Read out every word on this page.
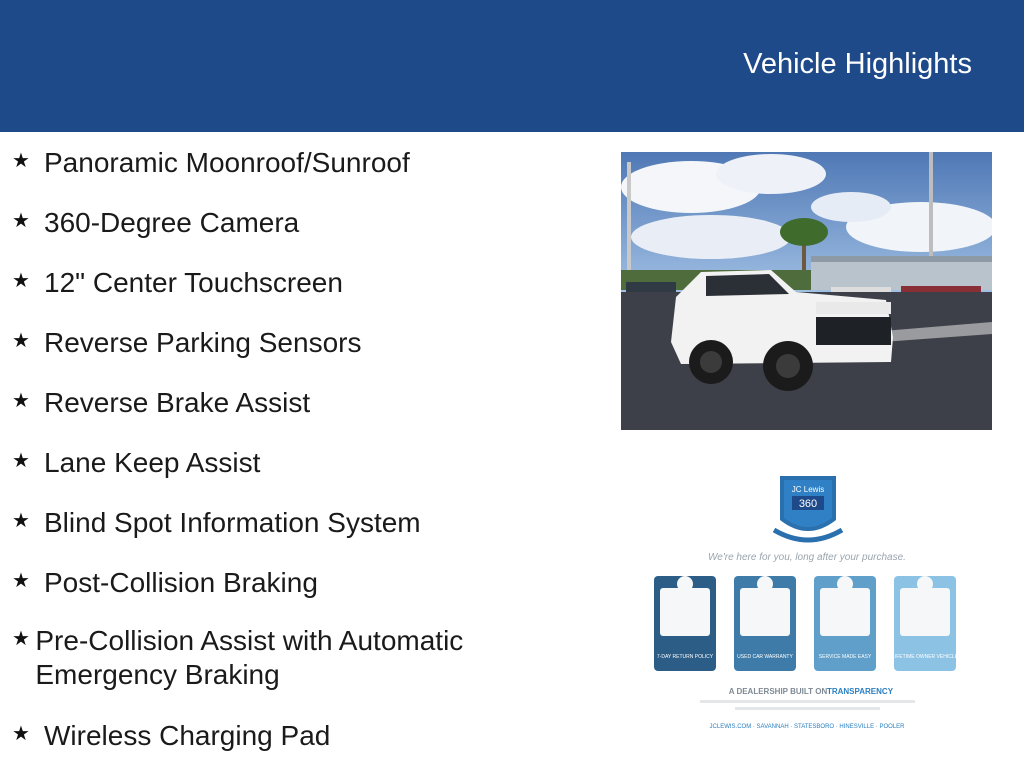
Vehicle Highlights
★ Panoramic Moonroof/Sunroof
★ 360-Degree Camera
★ 12" Center Touchscreen
★ Reverse Parking Sensors
★ Reverse Brake Assist
★ Lane Keep Assist
★ Blind Spot Information System
★ Post-Collision Braking
★ Pre-Collision Assist with Automatic Emergency Braking
★ Wireless Charging Pad
JC Lewis
360
We're here for you, long after your purchase.
7-DAY RETURN POLICY	USED CAR WARRANTY	SERVICE MADE EASY	LIFETIME OWNER VEHICLE
A DEALERSHIP BUILT ON TRANSPARENCY
JCLEWIS.COM · SAVANNAH · STATESBORO · HINESVILLE · POOLER
